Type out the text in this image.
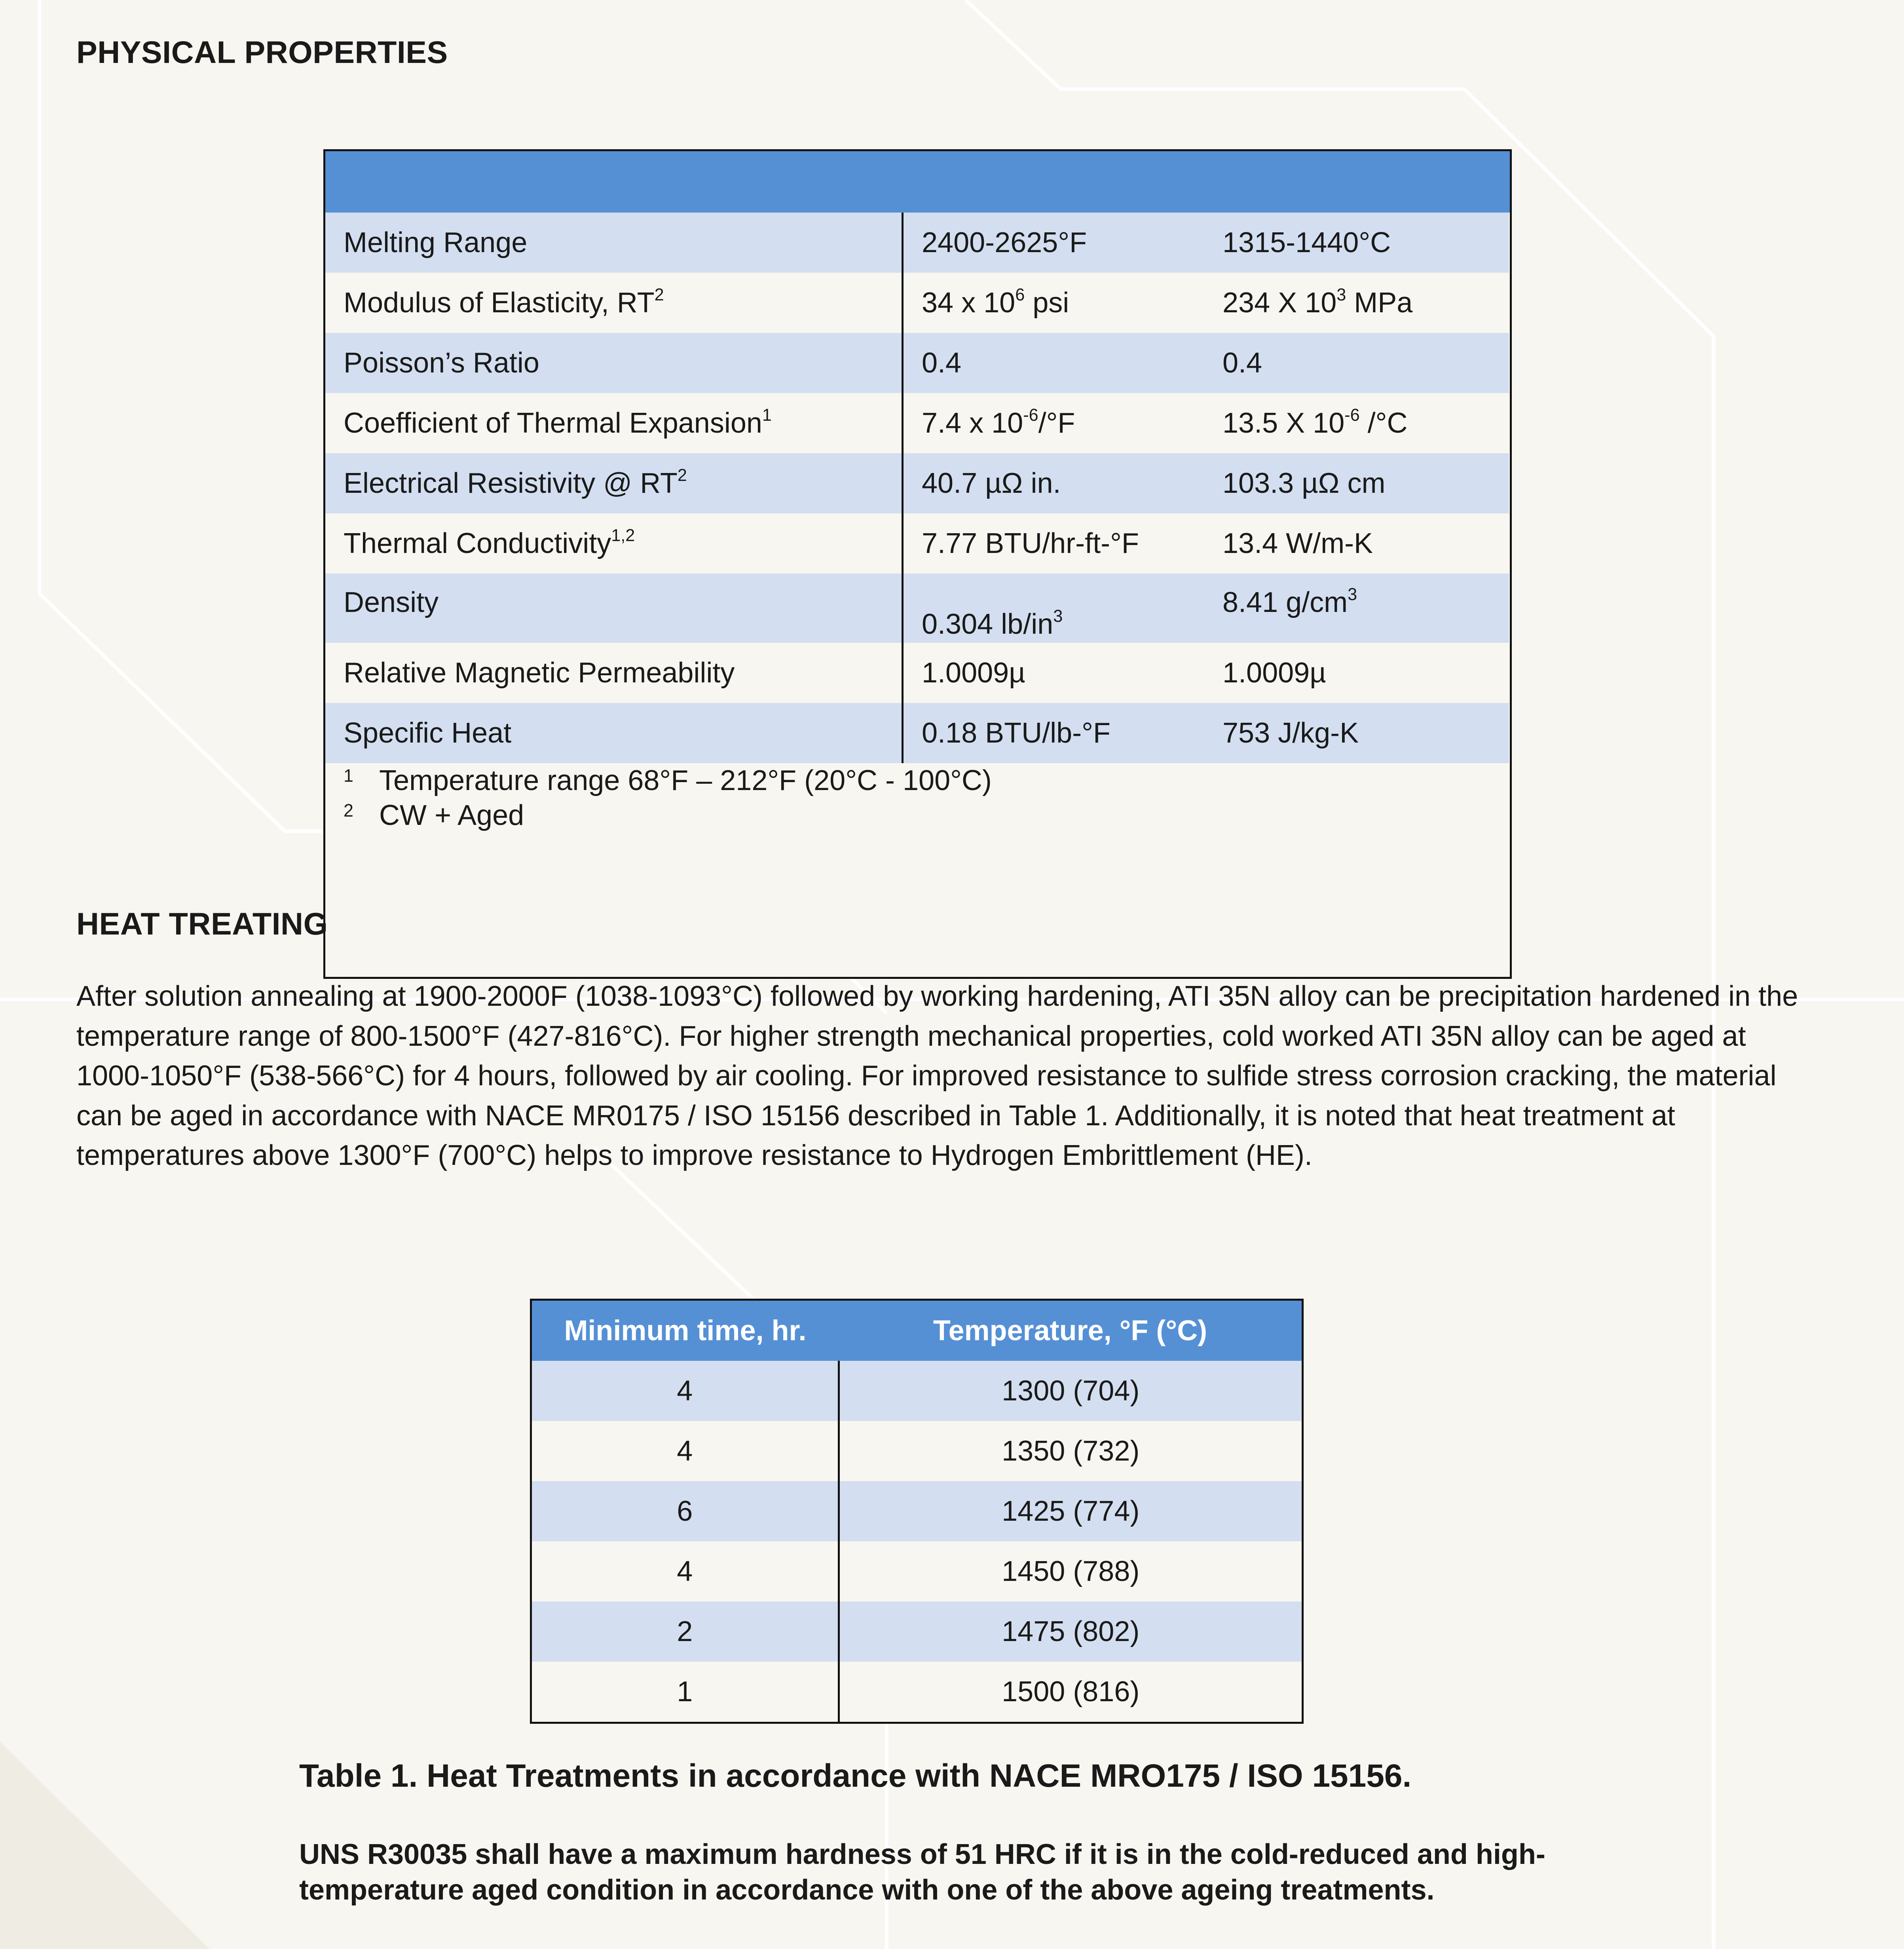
PHYSICAL PROPERTIES
Melting Range	2400-2625°F	1315-1440°C
Modulus of Elasticity, $RT^2$	34 x $10^6$ psi	234 X $10^3$ MPa
Poisson’s Ratio	0.4	0.4
Coefficient of Thermal Expansion$^1$	7.4 x $10^{-6}/^\circ F$	13.5 X $10^{-6}$ /°C
Electrical Resistivity @ $RT^2$	40.7 µΩ in.	103.3 µΩ cm
Thermal Conductivity$^{1,2}$	7.77 BTU/hr-ft-°F	13.4 W/m-K
Density	0.304 $lb/in^3$	8.41 $g/cm^3$
Relative Magnetic Permeability	1.0009µ	1.0009µ
Specific Heat	0.18 BTU/lb-°F	753 J/kg-K
1 Temperature range 68°F – 212°F (20°C - 100°C)
2 CW + Aged
HEAT TREATING

After solution annealing at 1900-2000F (1038-1093°C) followed by working hardening, ATI 35N alloy can be precipitation hardened in the temperature range of 800-1500°F (427-816°C). For higher strength mechanical properties, cold worked ATI 35N alloy can be aged at 1000-1050°F (538-566°C) for 4 hours, followed by air cooling. For improved resistance to sulfide stress corrosion cracking, the material can be aged in accordance with NACE MR0175 / ISO 15156 described in Table 1. Additionally, it is noted that heat treatment at temperatures above 1300°F (700°C) helps to improve resistance to Hydrogen Embrittlement (HE).

Minimum time, hr.	Temperature, °F (°C)
4	1300 (704)
4	1350 (732)
6	1425 (774)
4	1450 (788)
2	1475 (802)
1	1500 (816)

Table 1. Heat Treatments in accordance with NACE MRO175 / ISO 15156.

UNS R30035 shall have a maximum hardness of 51 HRC if it is in the cold-reduced and high-temperature aged condition in accordance with one of the above ageing treatments.
